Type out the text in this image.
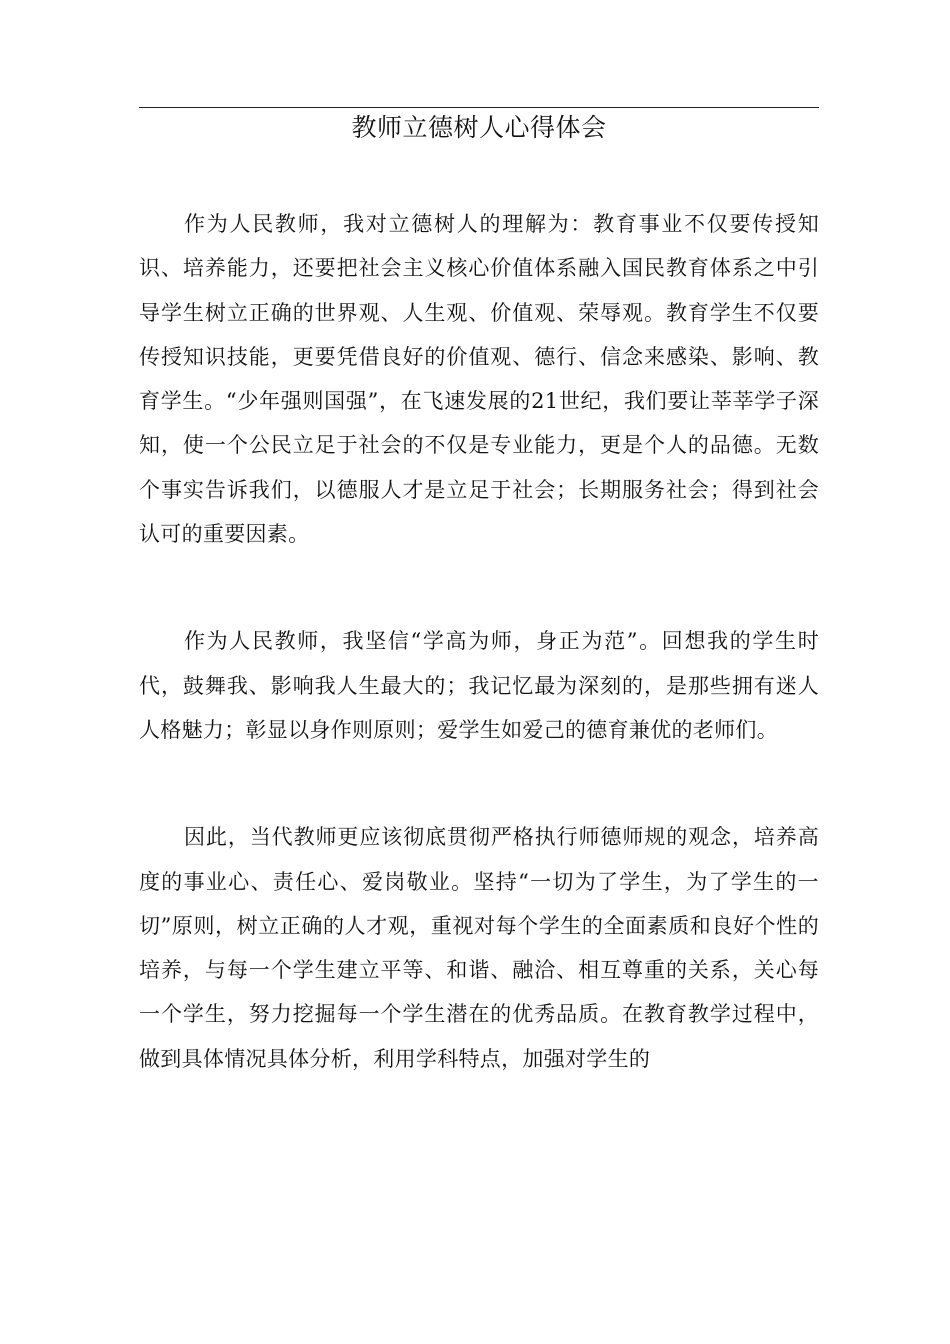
教师立德树人心得体会

作为人民教师，我对立德树人的理解为：教育事业不仅要传授知识、培养能力，还要把社会主义核心价值体系融入国民教育体系之中引导学生树立正确的世界观、人生观、价值观、荣辱观。教育学生不仅要传授知识技能，更要凭借良好的价值观、德行、信念来感染、影响、教育学生。“少年强则国强”，在飞速发展的21世纪，我们要让莘莘学子深知，使一个公民立足于社会的不仅是专业能力，更是个人的品德。无数个事实告诉我们，以德服人才是立足于社会；长期服务社会；得到社会认可的重要因素。

作为人民教师，我坚信“学高为师，身正为范”。回想我的学生时代，鼓舞我、影响我人生最大的；我记忆最为深刻的，是那些拥有迷人人格魅力；彰显以身作则原则；爱学生如爱己的德育兼优的老师们。

因此，当代教师更应该彻底贯彻严格执行师德师规的观念，培养高度的事业心、责任心、爱岗敬业。坚持“一切为了学生，为了学生的一切”原则，树立正确的人才观，重视对每个学生的全面素质和良好个性的培养，与每一个学生建立平等、和谐、融洽、相互尊重的关系，关心每一个学生，努力挖掘每一个学生潜在的优秀品质。在教育教学过程中，做到具体情况具体分析，利用学科特点，加强对学生的
